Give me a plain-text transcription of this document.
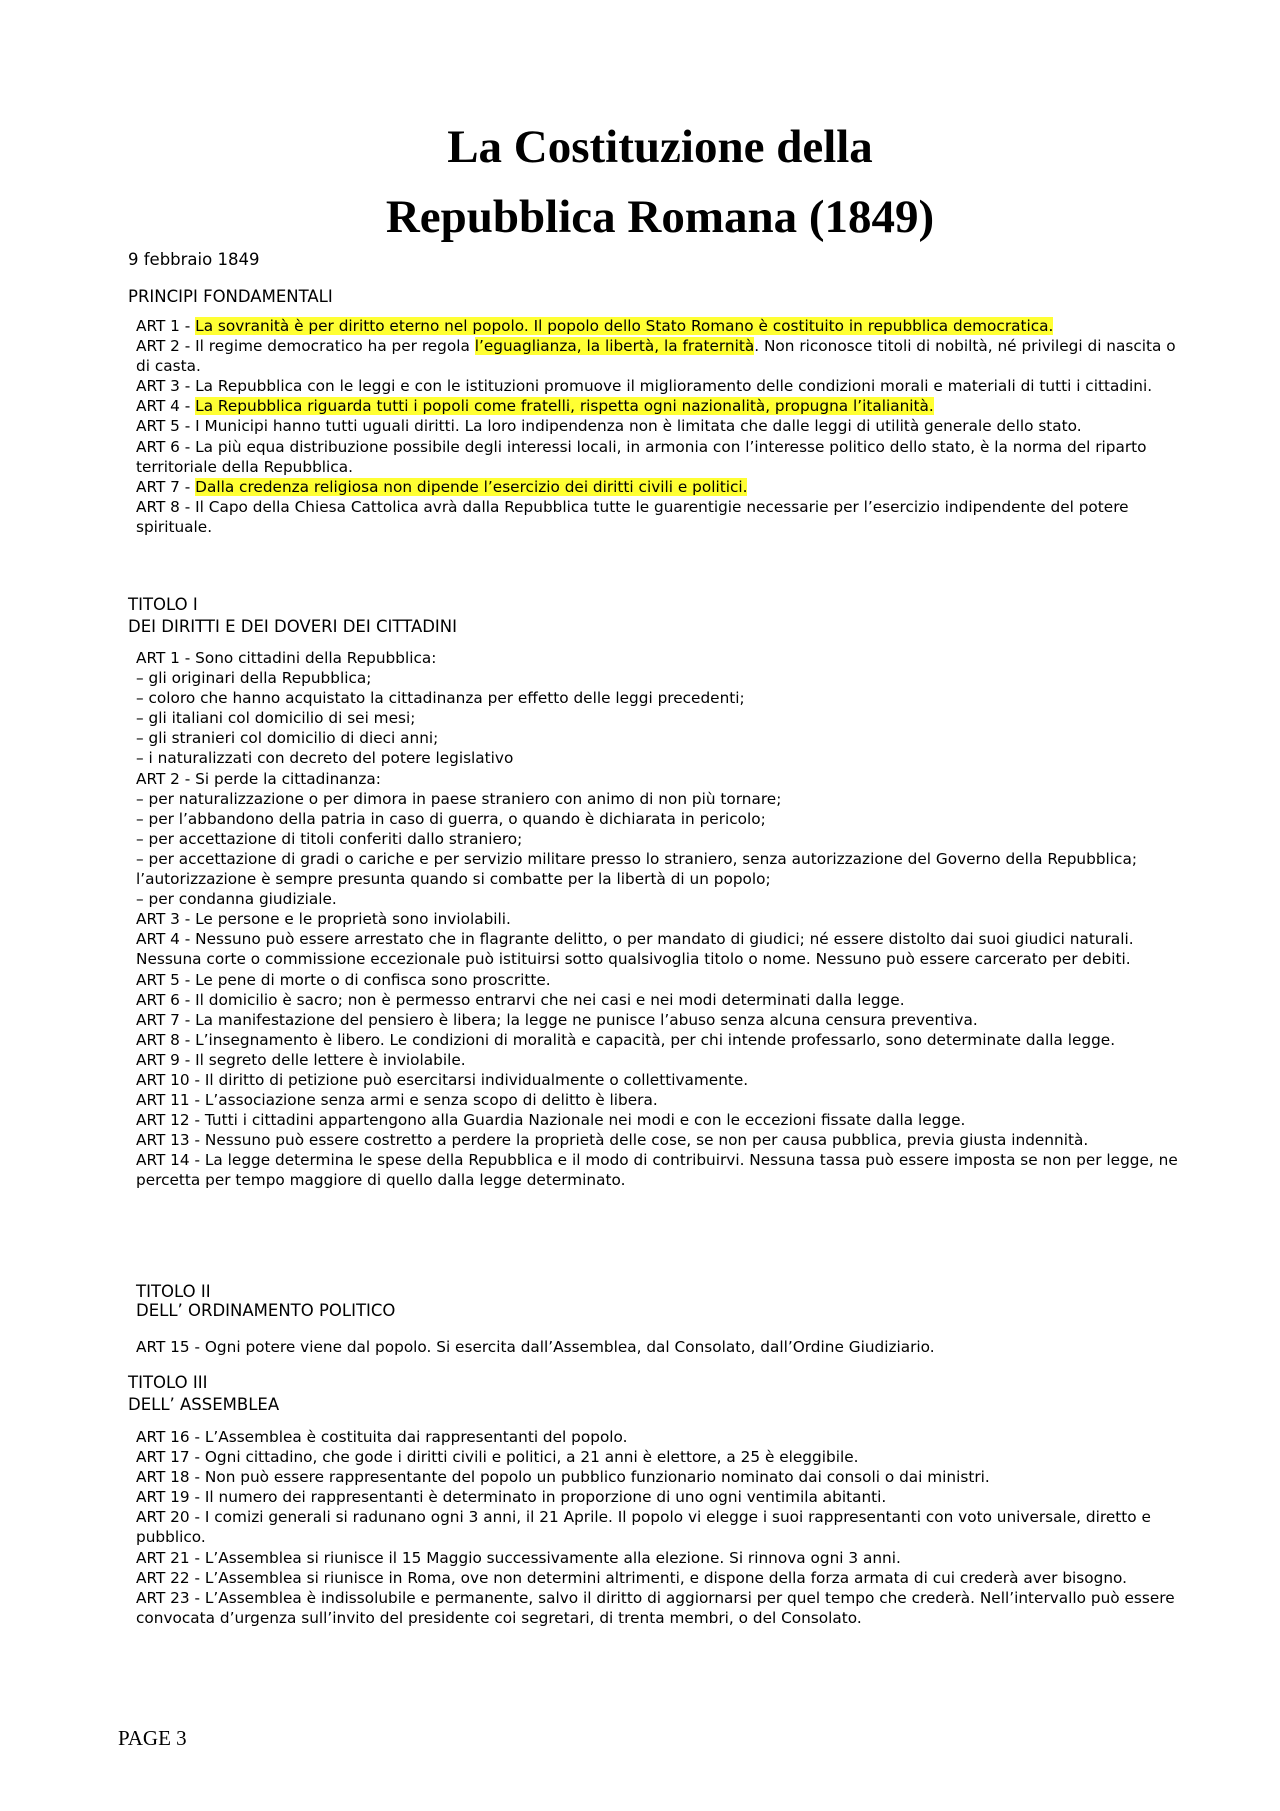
La Costituzione della
Repubblica Romana (1849)
9 febbraio 1849
PRINCIPI FONDAMENTALI

ART 1 - La sovranità è per diritto eterno nel popolo. Il popolo dello Stato Romano è costituito in repubblica democratica.

ART 2 - Il regime democratico ha per regola l’eguaglianza, la libertà, la fraternità. Non riconosce titoli di nobiltà, né privilegi di nascita o di casta.

ART 3 - La Repubblica con le leggi e con le istituzioni promuove il miglioramento delle condizioni morali e materiali di tutti i cittadini.

ART 4 - La Repubblica riguarda tutti i popoli come fratelli, rispetta ogni nazionalità, propugna l’italianità.

ART 5 - I Municipi hanno tutti uguali diritti. La loro indipendenza non è limitata che dalle leggi di utilità generale dello stato.

ART 6 - La più equa distribuzione possibile degli interessi locali, in armonia con l’interesse politico dello stato, è la norma del riparto territoriale della Repubblica.

ART 7 - Dalla credenza religiosa non dipende l’esercizio dei diritti civili e politici.

ART 8 - Il Capo della Chiesa Cattolica avrà dalla Repubblica tutte le guarentigie necessarie per l’esercizio indipendente del potere spirituale.

TITOLO I
DEI DIRITTI E DEI DOVERI DEI CITTADINI

ART 1 - Sono cittadini della Repubblica:

– gli originari della Repubblica;

– coloro che hanno acquistato la cittadinanza per effetto delle leggi precedenti;

– gli italiani col domicilio di sei mesi;

– gli stranieri col domicilio di dieci anni;

– i naturalizzati con decreto del potere legislativo

ART 2 - Si perde la cittadinanza:

– per naturalizzazione o per dimora in paese straniero con animo di non più tornare;

– per l’abbandono della patria in caso di guerra, o quando è dichiarata in pericolo;

– per accettazione di titoli conferiti dallo straniero;

– per accettazione di gradi o cariche e per servizio militare presso lo straniero, senza autorizzazione del Governo della Repubblica; l’autorizzazione è sempre presunta quando si combatte per la libertà di un popolo;

– per condanna giudiziale.

ART 3 - Le persone e le proprietà sono inviolabili.

ART 4 - Nessuno può essere arrestato che in flagrante delitto, o per mandato di giudici; né essere distolto dai suoi giudici naturali. Nessuna corte o commissione eccezionale può istituirsi sotto qualsivoglia titolo o nome. Nessuno può essere carcerato per debiti.

ART 5 - Le pene di morte o di confisca sono proscritte.

ART 6 - Il domicilio è sacro; non è permesso entrarvi che nei casi e nei modi determinati dalla legge.

ART 7 - La manifestazione del pensiero è libera; la legge ne punisce l’abuso senza alcuna censura preventiva.

ART 8 - L’insegnamento è libero. Le condizioni di moralità e capacità, per chi intende professarlo, sono determinate dalla legge.

ART 9 - Il segreto delle lettere è inviolabile.

ART 10 - Il diritto di petizione può esercitarsi individualmente o collettivamente.

ART 11 - L’associazione senza armi e senza scopo di delitto è libera.

ART 12 - Tutti i cittadini appartengono alla Guardia Nazionale nei modi e con le eccezioni fissate dalla legge.

ART 13 - Nessuno può essere costretto a perdere la proprietà delle cose, se non per causa pubblica, previa giusta indennità.

ART 14 - La legge determina le spese della Repubblica e il modo di contribuirvi. Nessuna tassa può essere imposta se non per legge, ne percetta per tempo maggiore di quello dalla legge determinato.

TITOLO II
DELL’ ORDINAMENTO POLITICO

ART 15 - Ogni potere viene dal popolo. Si esercita dall’Assemblea, dal Consolato, dall’Ordine Giudiziario.

TITOLO III
DELL’ ASSEMBLEA

ART 16 - L’Assemblea è costituita dai rappresentanti del popolo.

ART 17 - Ogni cittadino, che gode i diritti civili e politici, a 21 anni è elettore, a 25 è eleggibile.

ART 18 - Non può essere rappresentante del popolo un pubblico funzionario nominato dai consoli o dai ministri.

ART 19 - Il numero dei rappresentanti è determinato in proporzione di uno ogni ventimila abitanti.

ART 20 - I comizi generali si radunano ogni 3 anni, il 21 Aprile. Il popolo vi elegge i suoi rappresentanti con voto universale, diretto e pubblico.

ART 21 - L’Assemblea si riunisce il 15 Maggio successivamente alla elezione. Si rinnova ogni 3 anni.

ART 22 - L’Assemblea si riunisce in Roma, ove non determini altrimenti, e dispone della forza armata di cui crederà aver bisogno.

ART 23 - L’Assemblea è indissolubile e permanente, salvo il diritto di aggiornarsi per quel tempo che crederà. Nell’intervallo può essere convocata d’urgenza sull’invito del presidente coi segretari, di trenta membri, o del Consolato.

PAGE 3
